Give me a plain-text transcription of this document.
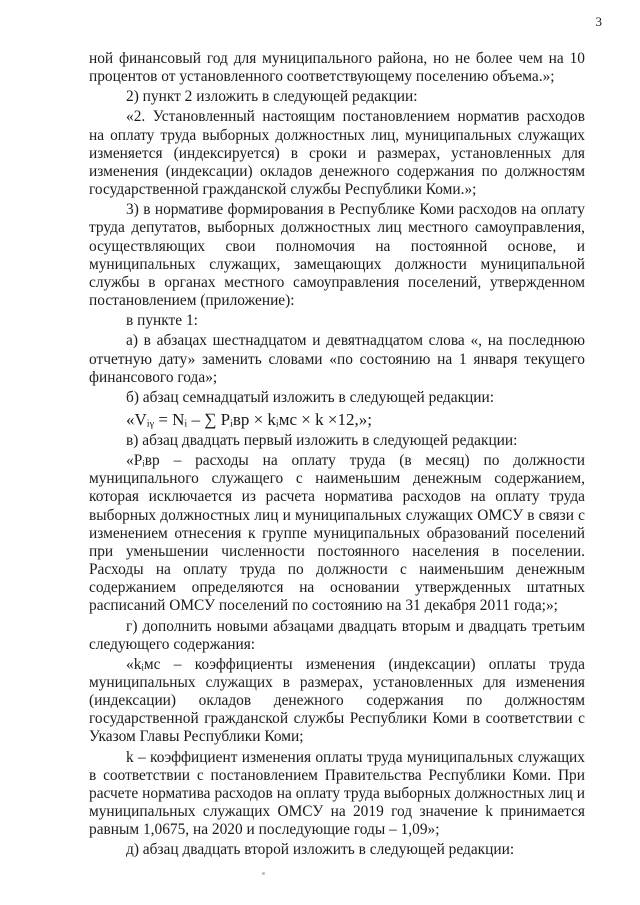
3

ной финансовый год для муниципального района, но не более чем на 10 процентов от установленного соответствующему поселению объема.»;

2) пункт 2 изложить в следующей редакции:

«2. Установленный настоящим постановлением норматив расходов на оплату труда выборных должностных лиц, муниципальных служащих изменяется (индексируется) в сроки и размерах, установленных для изменения (индексации) окладов денежного содержания по должностям государственной гражданской службы Республики Коми.»;

3) в нормативе формирования в Республике Коми расходов на оплату труда депутатов, выборных должностных лиц местного самоуправления, осуществляющих свои полномочия на постоянной основе, и муниципальных служащих, замещающих должности муниципальной службы в органах местного самоуправления поселений, утвержденном постановлением (приложение):

в пункте 1:

а) в абзацах шестнадцатом и девятнадцатом слова «, на последнюю отчетную дату» заменить словами «по состоянию на 1 января текущего финансового года»;

б) абзац семнадцатый изложить в следующей редакции:

«Vᵢᵧ = Nᵢ – ∑ Pᵢвр × kᵢмс × k ×12,»;

в) абзац двадцать первый изложить в следующей редакции:

«Pᵢвр – расходы на оплату труда (в месяц) по должности муниципального служащего с наименьшим денежным содержанием, которая исключается из расчета норматива расходов на оплату труда выборных должностных лиц и муниципальных служащих ОМСУ в связи с изменением отнесения к группе муниципальных образований поселений при уменьшении численности постоянного населения в поселении. Расходы на оплату труда по должности с наименьшим денежным содержанием определяются на основании утвержденных штатных расписаний ОМСУ поселений по состоянию на 31 декабря 2011 года;»;

г) дополнить новыми абзацами двадцать вторым и двадцать третьим следующего содержания:

«kᵢмс – коэффициенты изменения (индексации) оплаты труда муниципальных служащих в размерах, установленных для изменения (индексации) окладов денежного содержания по должностям государственной гражданской службы Республики Коми в соответствии с Указом Главы Республики Коми;

k – коэффициент изменения оплаты труда муниципальных служащих в соответствии с постановлением Правительства Республики Коми. При расчете норматива расходов на оплату труда выборных должностных лиц и муниципальных служащих ОМСУ на 2019 год значение k принимается равным 1,0675, на 2020 и последующие годы – 1,09»;

д) абзац двадцать второй изложить в следующей редакции:
